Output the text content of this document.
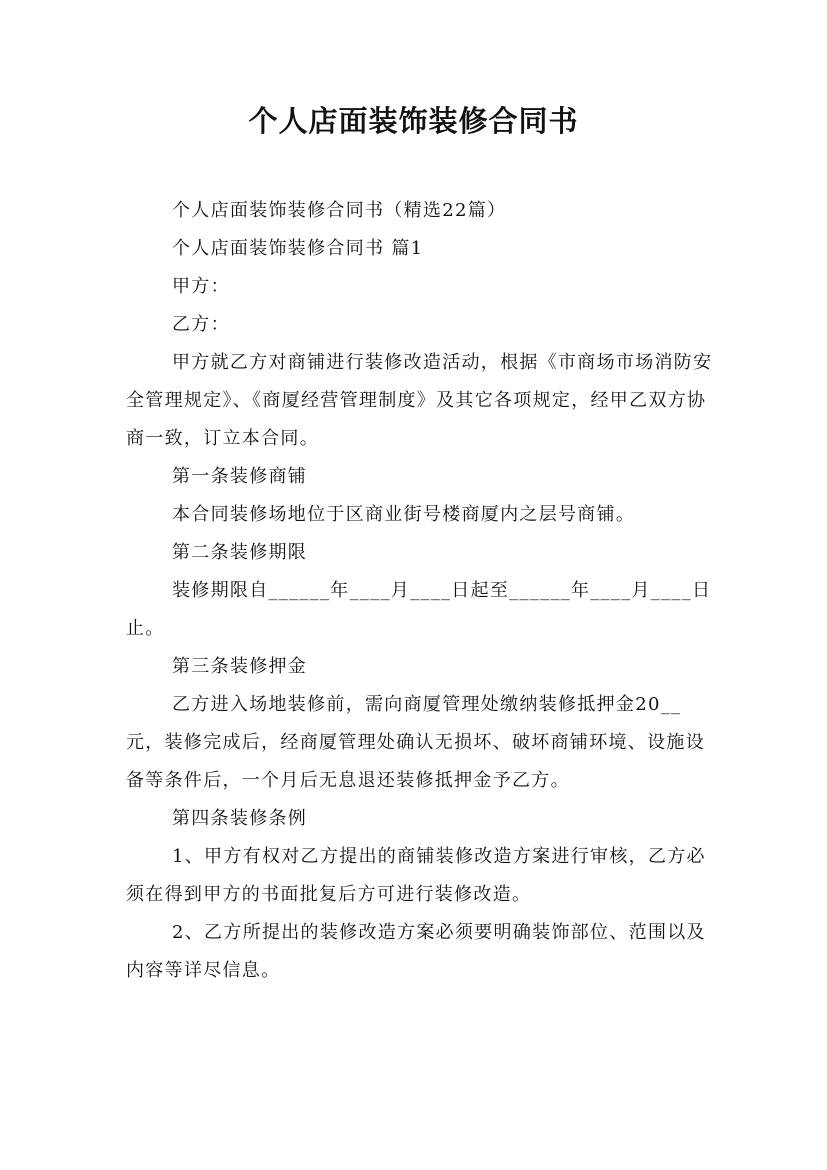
个人店面装饰装修合同书

个人店面装饰装修合同书（精选22篇）

个人店面装饰装修合同书 篇1

甲方：

乙方：

甲方就乙方对商铺进行装修改造活动，根据《市商场市场消防安全管理规定》、《商厦经营管理制度》及其它各项规定，经甲乙双方协商一致，订立本合同。

第一条装修商铺

本合同装修场地位于区商业街号楼商厦内之层号商铺。

第二条装修期限

装修期限自______年____月____日起至______年____月____日止。

第三条装修押金

乙方进入场地装修前，需向商厦管理处缴纳装修抵押金20__元，装修完成后，经商厦管理处确认无损坏、破坏商铺环境、设施设备等条件后，一个月后无息退还装修抵押金予乙方。

第四条装修条例

1、甲方有权对乙方提出的商铺装修改造方案进行审核，乙方必须在得到甲方的书面批复后方可进行装修改造。

2、乙方所提出的装修改造方案必须要明确装饰部位、范围以及内容等详尽信息。
